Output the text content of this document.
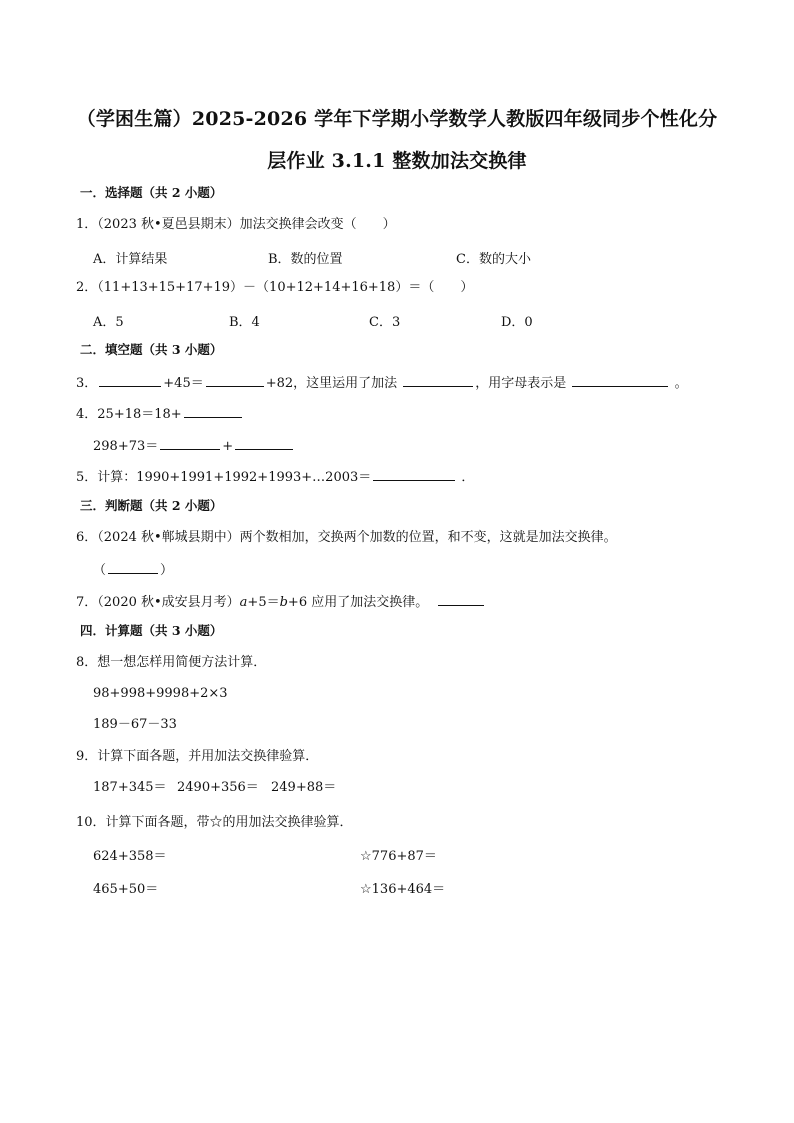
（学困生篇）2025-2026 学年下学期小学数学人教版四年级同步个性化分
层作业 3.1.1 整数加法交换律
一．选择题（共 2 小题）
1．（2023 秋•夏邑县期末）加法交换律会改变（　　）
A．计算结果	B．数的位置	C．数的大小
2．（11+13+15+17+19）－（10+12+14+16+18）＝（　　）
A．5	B．4	C．3	D．0
二．填空题（共 3 小题）
3．	+45＝	+82，这里运用了加法	，用字母表示是	。
4．25+18＝18+
298+73＝	+
5．计算：1990+1991+1992+1993+…2003＝	．
三．判断题（共 2 小题）
6．（2024 秋•郸城县期中）两个数相加，交换两个加数的位置，和不变，这就是加法交换律。
（	）
7．（2020 秋•成安县月考）a+5＝b+6 应用了加法交换律。
四．计算题（共 3 小题）
8．想一想怎样用简便方法计算．
98+998+9998+2×3
189－67－33
9．计算下面各题，并用加法交换律验算．
187+345＝ 2490+356＝ 249+88＝
10．计算下面各题，带☆的用加法交换律验算．
624+358＝	☆776+87＝
465+50＝	☆136+464＝
